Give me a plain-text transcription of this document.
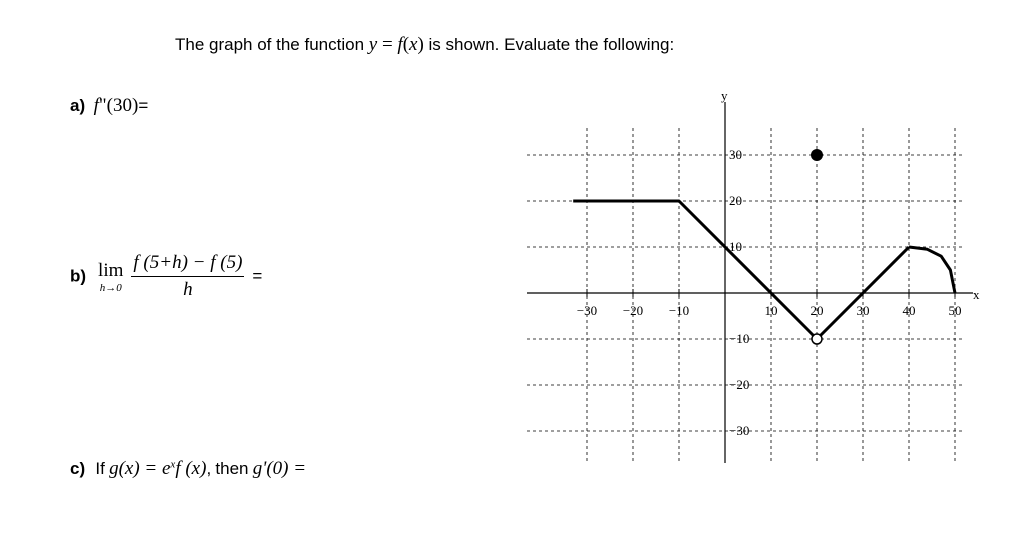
The graph of the function y = f(x) is shown. Evaluate the following:
a) f"(30)=
b) lim
h→0
$\frac{f (5+h) - f (5)}{h}$ =
c) If $g(x) = e^xf$ (x), then g'(0) =
x
y
−30 −20 −10	10	20	30	40	50
30
20
10
−10
−20
−30
